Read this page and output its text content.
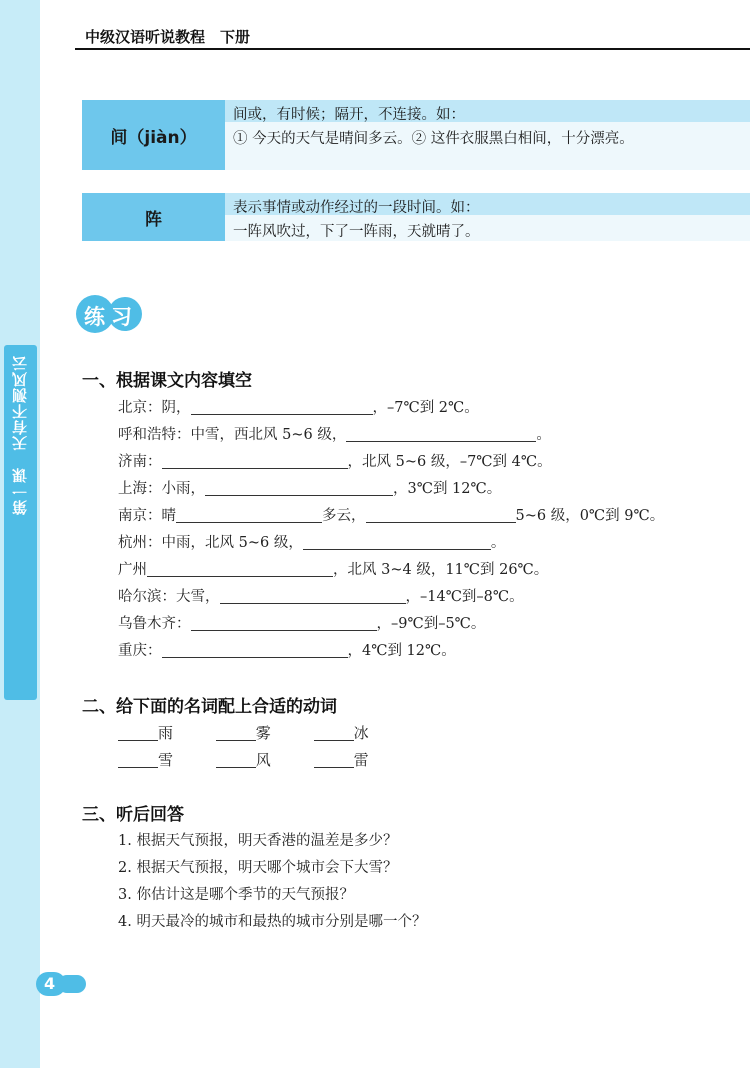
第一课　天有不测风云
中级汉语听说教程　下册
间（jiàn）
间或，有时候；隔开，不连接。如：
① 今天的天气是晴间多云。② 这件衣服黑白相间，十分漂亮。
阵
表示事情或动作经过的一段时间。如：
一阵风吹过，下了一阵雨，天就晴了。
练习
一、根据课文内容填空
北京：阴，	，–7℃到 2℃。
呼和浩特：中雪，西北风 5~6 级，	。
济南：	，北风 5~6 级，–7℃到 4℃。
上海：小雨，	，3℃到 12℃。
南京：晴	多云，	5~6 级，0℃到 9℃。
杭州：中雨，北风 5~6 级，	。
广州	，北风 3~4 级，11℃到 26℃。
哈尔滨：大雪，	，–14℃到–8℃。
乌鲁木齐：	，–9℃到–5℃。
重庆：	，4℃到 12℃。
二、给下面的名词配上合适的动词
雨	雾	冰
雪	风	雷
三、听后回答
1. 根据天气预报，明天香港的温差是多少？
2. 根据天气预报，明天哪个城市会下大雪？
3. 你估计这是哪个季节的天气预报？
4. 明天最冷的城市和最热的城市分别是哪一个？
4
